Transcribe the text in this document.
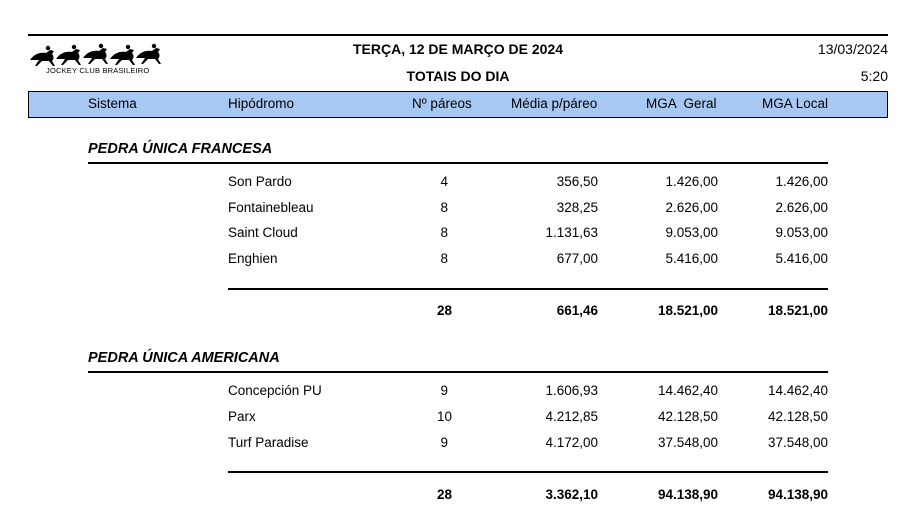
JOCKEY CLUB BRASILEIRO
TERÇA, 12 DE MARÇO DE 2024
TOTAIS DO DIA
13/03/2024
5:20
Sistema	Hipódromo	Nº páreos	Média p/páreo	MGA  Geral	MGA Local
PEDRA ÚNICA FRANCESA
Son Pardo	4	356,50	1.426,00	1.426,00
Fontainebleau	8	328,25	2.626,00	2.626,00
Saint Cloud	8	1.131,63	9.053,00	9.053,00
Enghien	8	677,00	5.416,00	5.416,00
28	661,46	18.521,00	18.521,00
PEDRA ÚNICA AMERICANA
Concepción PU	9	1.606,93	14.462,40	14.462,40
Parx	10	4.212,85	42.128,50	42.128,50
Turf Paradise	9	4.172,00	37.548,00	37.548,00
28	3.362,10	94.138,90	94.138,90
